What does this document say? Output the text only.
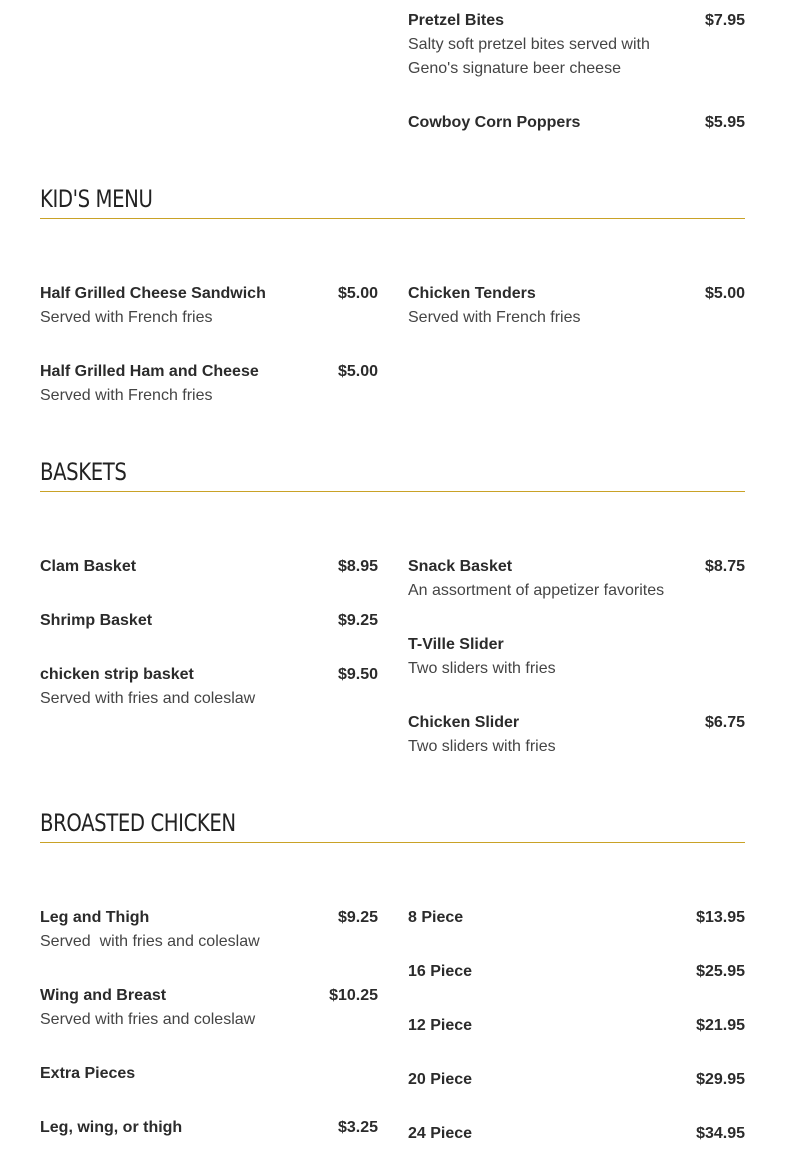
Pretzel Bites	$7.95
Salty soft pretzel bites served with Geno's signature beer cheese
Cowboy Corn Poppers	$5.95
KID'S MENU
Half Grilled Cheese Sandwich	$5.00
Served with French fries
Half Grilled Ham and Cheese	$5.00
Served with French fries
Chicken Tenders	$5.00
Served with French fries
BASKETS
Clam Basket	$8.95
Shrimp Basket	$9.25
chicken strip basket	$9.50
Served with fries and coleslaw
Snack Basket	$8.75
An assortment of appetizer favorites
T-Ville Slider
Two sliders with fries
Chicken Slider	$6.75
Two sliders with fries
BROASTED CHICKEN
Leg and Thigh	$9.25
Served  with fries and coleslaw
Wing and Breast	$10.25
Served with fries and coleslaw
Extra Pieces
Leg, wing, or thigh	$3.25
8 Piece	$13.95
16 Piece	$25.95
12 Piece	$21.95
20 Piece	$29.95
24 Piece	$34.95
